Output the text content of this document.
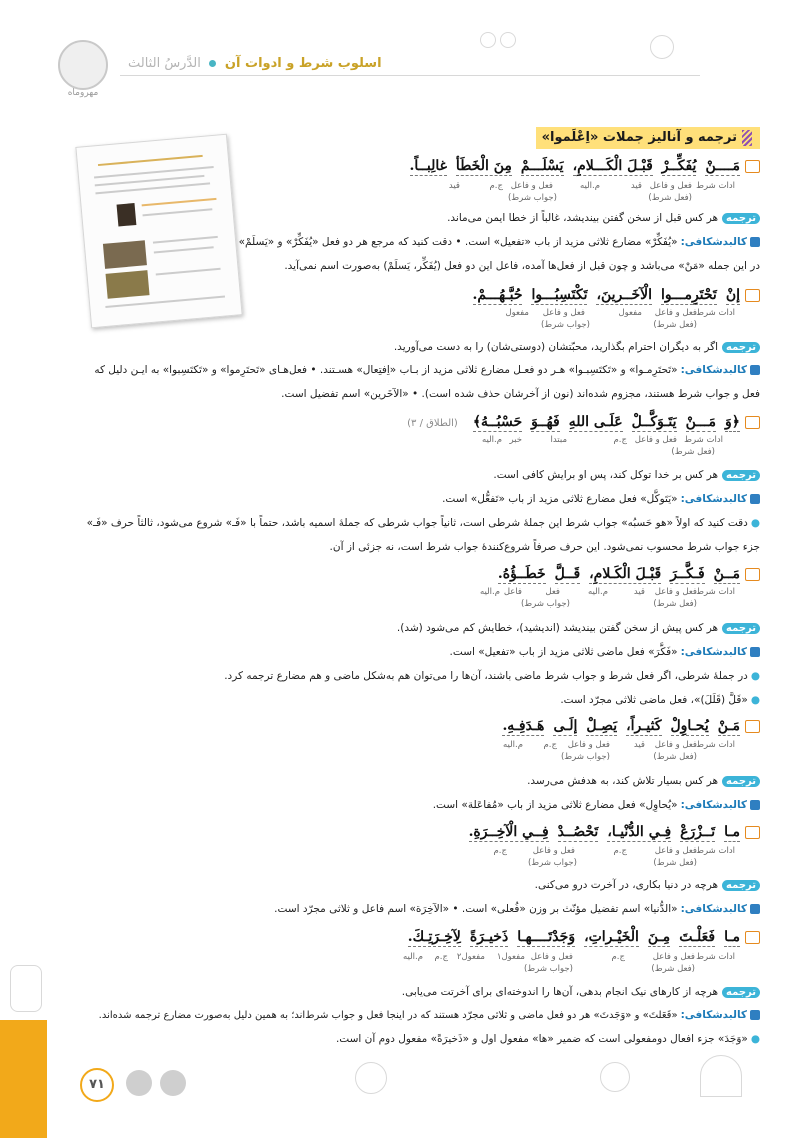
مهروماه
اسلوب شرط و ادوات آن  الدَّرسُ الثالث
ترجمه و آنالیز جملات «اِعْلَموا»
مَــــنْيُفَكِّــرْقَبْـلَ الْكَـــلامِ،يَسْلَـــمْمِنَ الْخَطَأغالِبــاً.
ادات شرط
فعل و فاعل
قيد
م.اليه
فعل و فاعل
ج.م
قيد
(فعل شرط)
(جواب شرط)
ترجمههر كس قبل از سخن گفتن بينديشد، غالباً از خطا ايمن می‌ماند.
کالبدشکافی:«يُفَكِّرْ» مضارع ثلاثی مزيد از باب «تفعيل» است. • دقت كنيد كه مرجع هر دو فعل «يُفَكِّرْ» و «يَسلَمْ»
در اين جمله «مَنْ» می‌باشد و چون قبل از فعل‌ها آمده، فاعل اين دو فعل (يُفَكِّر، يَسلَمْ) به‌صورت اسم نمی‌آيد.
إنْتَحْتَرِمـــواالْآخَــرينَ،تَكْتَسِبُـــواحُبَّـهُـــمْ.
ادات شرط
فعل و فاعل
مفعول
فعل و فاعل
مفعول
(فعل شرط)
(جواب شرط)
ترجمهاگر به ديگران احترام بگذاريد، محبّتشان (دوستی‌شان) را به دست می‌آوريد.
کالبدشکافی:«تَحتَرِمـوا» و «تَكتَسِبـوا» هـر دو فعـل مضارع ثلاثی مزيد از بـاب «اِفتِعال» هسـتند. • فعل‌هـای «تَحتَرِموا» و «تَكتَسِبوا» به ايـن دليل كه
فعل و جواب شرط هستند، مجزوم شده‌اند (نون از آخرشان حذف شده است). • «الآخَرين» اسم تفضيل است.
﴿وَمَـــنْيَتَـوَكَّــلْعَلَـى اللهِفَهُــوَحَسْبُــهُ﴾(الطلاق / ٣)
ادات شرط
فعل و فاعل
ج.م
مبتدا
خبر
م.اليه
(فعل شرط)
ترجمههر كس بر خدا توكل كند، پس او برايش كافی است.
کالبدشکافی:«يَتَوكَّل» فعل مضارع ثلاثی مزيد از باب «تَفعُّل» است.
●دقت كنيد كه اولاً «هو حَسبُه» جواب شرط اين جملهٔ شرطی است، ثانياً جواب شرطی كه جملهٔ اسميه باشد، حتماً با «فَـ» شروع می‌شود، ثالثاً حرف «فَـ»
جزء جواب شرط محسوب نمی‌شود. اين حرف صرفاً شروع‌كنندهٔ جواب شرط است، نه جزئی از آن.
مَــنْفَـكَّــرَقَبْـلَ الْكَـلامِ،قَــلَّخَطَــؤُهُ.
ادات شرط
فعل و فاعل
قيد
م.اليه
فعل
فاعل
م.اليه
(فعل شرط)
(جواب شرط)
ترجمههر كس پيش از سخن گفتن بينديشد (انديشيد)، خطايش كم می‌شود (شد).
کالبدشکافی:«فَكَّرَ» فعل ماضی ثلاثی مزيد از باب «تفعيل» است.
●در جملهٔ شرطی، اگر فعل شرط و جواب شرط ماضی باشند، آن‌ها را می‌توان هم به‌شكل ماضی و هم مضارع ترجمه كرد.
●«قَلَّ (قَلَلَ)»، فعل ماضی ثلاثی مجرّد است.
مَـنْيُحـاوِلْكَثيـراً،يَصِـلْإلَـىهَـدَفِـهِ.
ادات شرط
فعل و فاعل
قيد
فعل و فاعل
ج.م
م.اليه
(فعل شرط)
(جواب شرط)
ترجمههر كس بسيار تلاش كند، به هدفش می‌رسد.
کالبدشکافی:«يُحاوِل» فعل مضارع ثلاثی مزيد از باب «مُفاعَلة» است.
مـاتَــزْرَعْفِـي الدُّنْيـا،تَحْصُــدْفِــي الْآخِــرَةِ.
ادات شرط
فعل و فاعل
ج.م
فعل و فاعل
ج.م
(فعل شرط)
(جواب شرط)
ترجمههرچه در دنيا بكاری، در آخرت درو می‌كنی.
کالبدشکافی:«الدُّنيا» اسم تفضيل مؤنّث بر وزن «فُعلی» است. • «الآخِرَة» اسم فاعل و ثلاثی مجرّد است.
مـافَعَلْـتَمِـنَالْخَيْـراتِ،وَجَدْتَــــهـاذَخيـرَةًلِآخِـرَتِـكَ.
ادات شرط
فعل و فاعل
ج.م
فعل و فاعل
مفعول١
مفعول٢
ج.م
م.اليه
(فعل شرط)
(جواب شرط)
ترجمههرچه از كارهای نيک انجام بدهی، آن‌ها را اندوخته‌ای برای آخرتت می‌يابی.
کالبدشکافی:«فَعَلتَ» و «وَجَدتَ» هر دو فعل ماضی و ثلاثی مجرّد هستند كه در اينجا فعل و جواب شرط‌اند؛ به همين دليل به‌صورت مضارع ترجمه شده‌اند.
●«وَجَدَ» جزء افعال دومفعولی است كه ضمير «ها» مفعول اول و «ذَخيرَةً» مفعول دوم آن است.
۷۱
